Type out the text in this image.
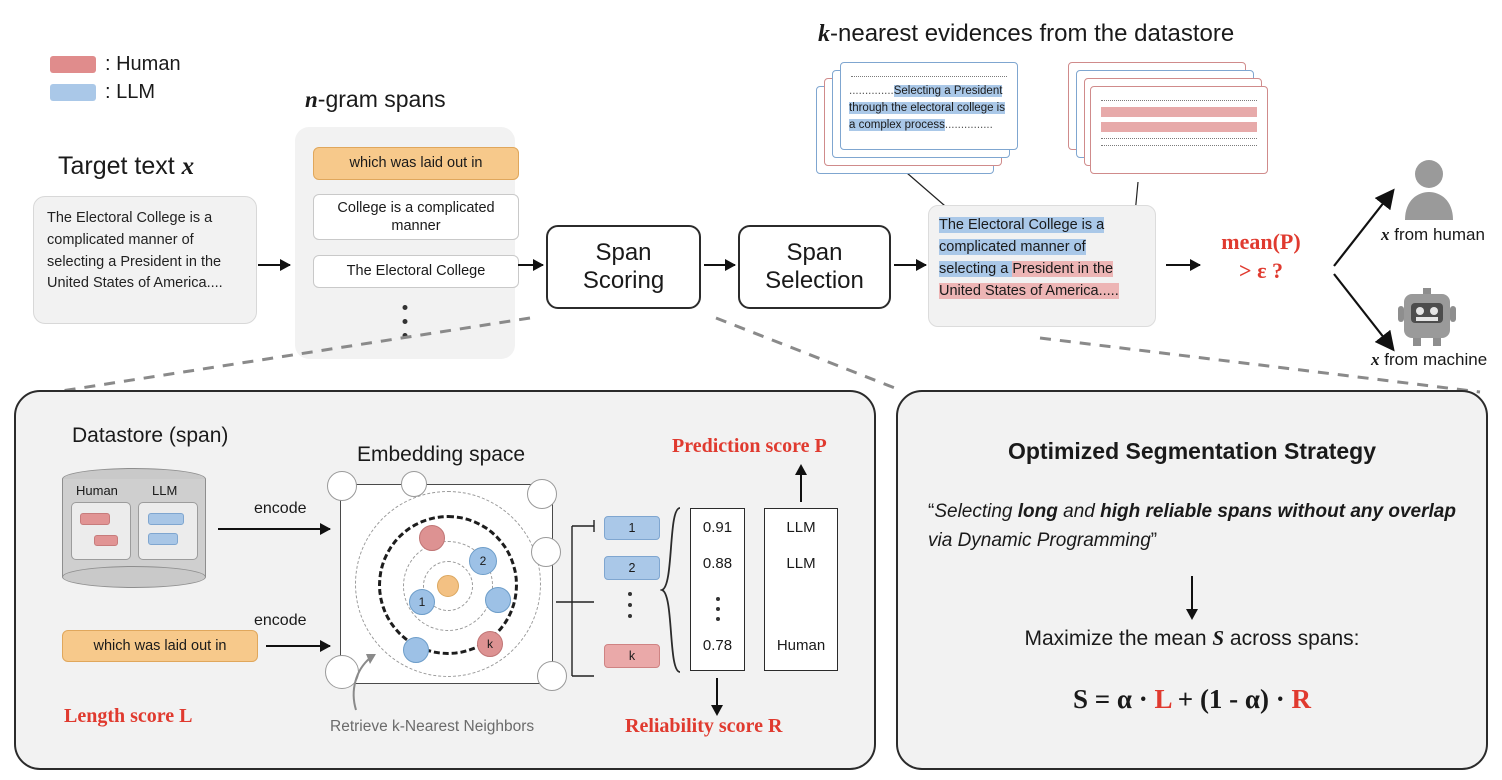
: Human
: LLM
Target text x
The Electoral College is a complicated manner of selecting a President in the United States of America....
n-gram spans
which was laid out in
College is a complicated manner
The Electoral College
Span
Scoring
Span
Selection
k-nearest evidences from the datastore
..............Selecting a President through the electoral college is a complex process...............
The Electoral College is a complicated manner of selecting a President in the United States of America.....
mean(P)
> ε ?
x from human
x from machine
Datastore (span)
Human	LLM
encode
which was laid out in
Length score L
encode
Embedding space
2
1
k
Retrieve k-Nearest Neighbors
1
2
k
0.91
0.88
0.78
LLM
LLM
Human
Prediction score P
Reliability score R
Optimized Segmentation Strategy
“Selecting long and high reliable spans without any overlap via Dynamic Programming”
Maximize the mean S across spans:
S = α · L + (1 - α) · R
